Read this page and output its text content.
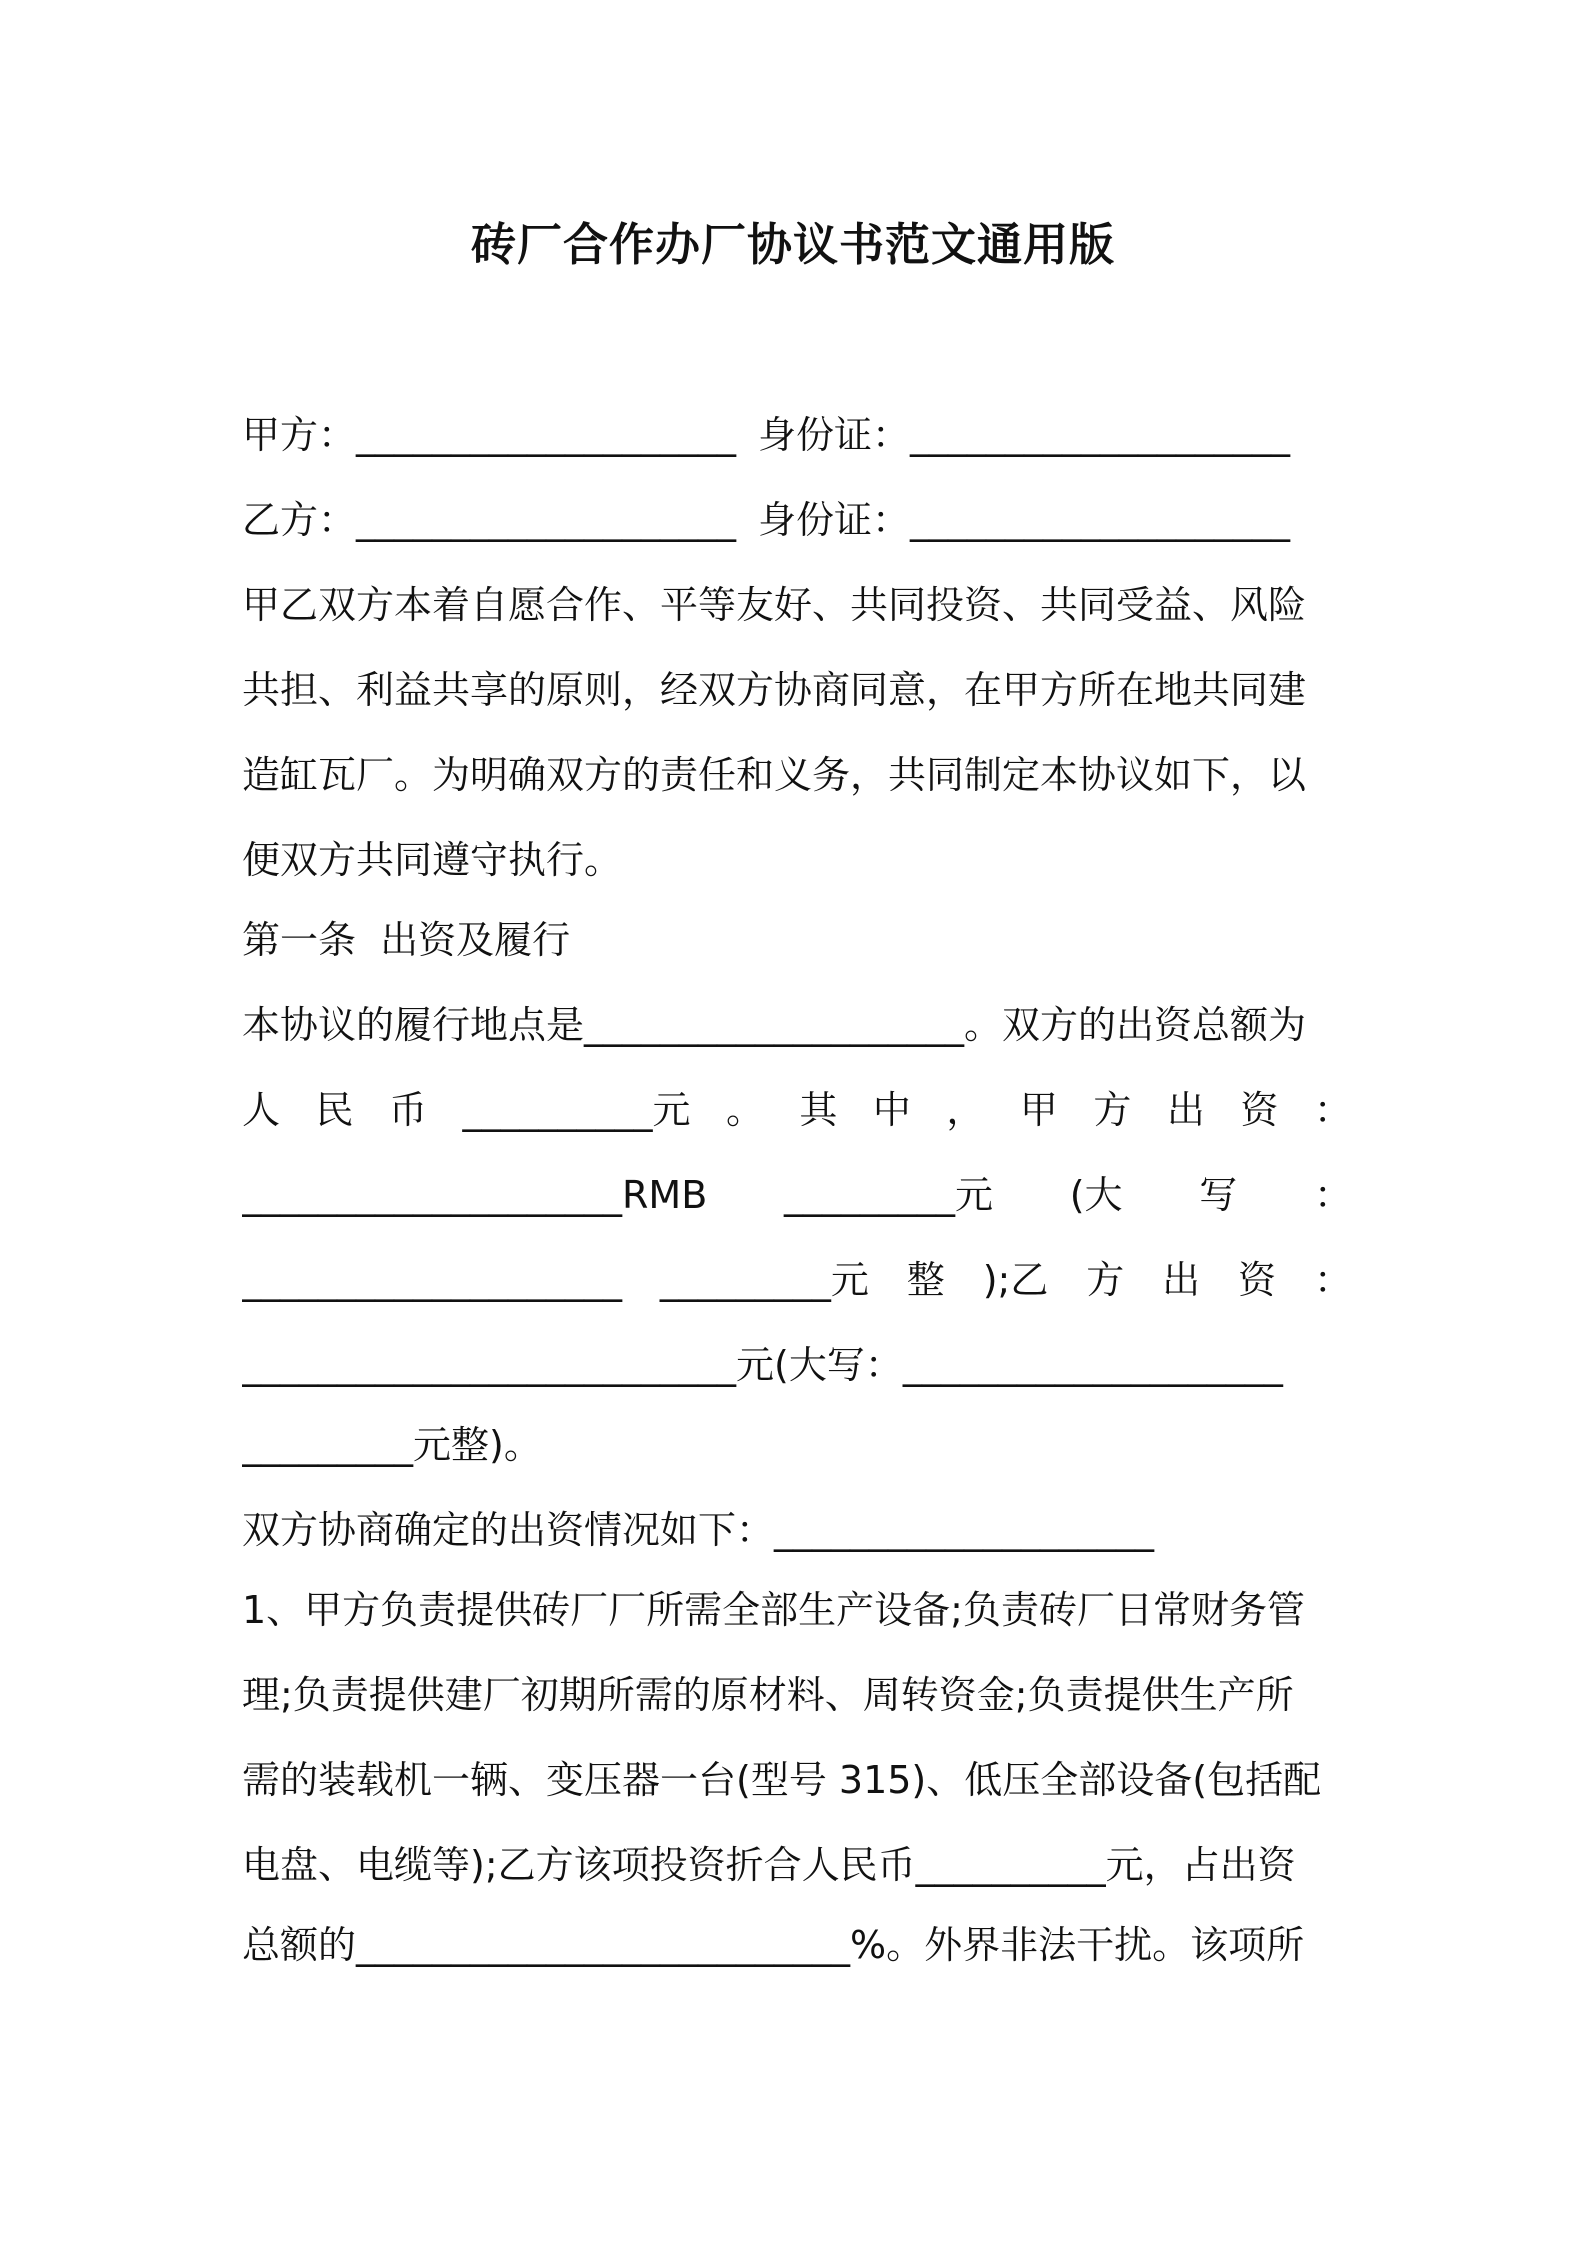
砖厂合作办厂协议书范文通用版
甲方：____________________ 身份证：____________________
乙方：____________________ 身份证：____________________
甲乙双方本着自愿合作、平等友好、共同投资、共同受益、风险
共担、利益共享的原则，经双方协商同意，在甲方所在地共同建
造缸瓦厂。为明确双方的责任和义务，共同制定本协议如下，以
便双方共同遵守执行。
第一条  出资及履行
本协议的履行地点是____________________。双方的出资总额为
人 民 币 __________元 。 其 中 ， 甲 方 出 资 ：
____________________RMB _________元 (大 写 ：
____________________ _________元 整 );乙 方 出 资 ：
__________________________元(大写：____________________
_________元整)。
双方协商确定的出资情况如下：____________________
1、甲方负责提供砖厂厂所需全部生产设备;负责砖厂日常财务管
理;负责提供建厂初期所需的原材料、周转资金;负责提供生产所
需的装载机一辆、变压器一台(型号 315)、低压全部设备(包括配
电盘、电缆等);乙方该项投资折合人民币__________元，占出资
总额的__________________________%。外界非法干扰。该项所
